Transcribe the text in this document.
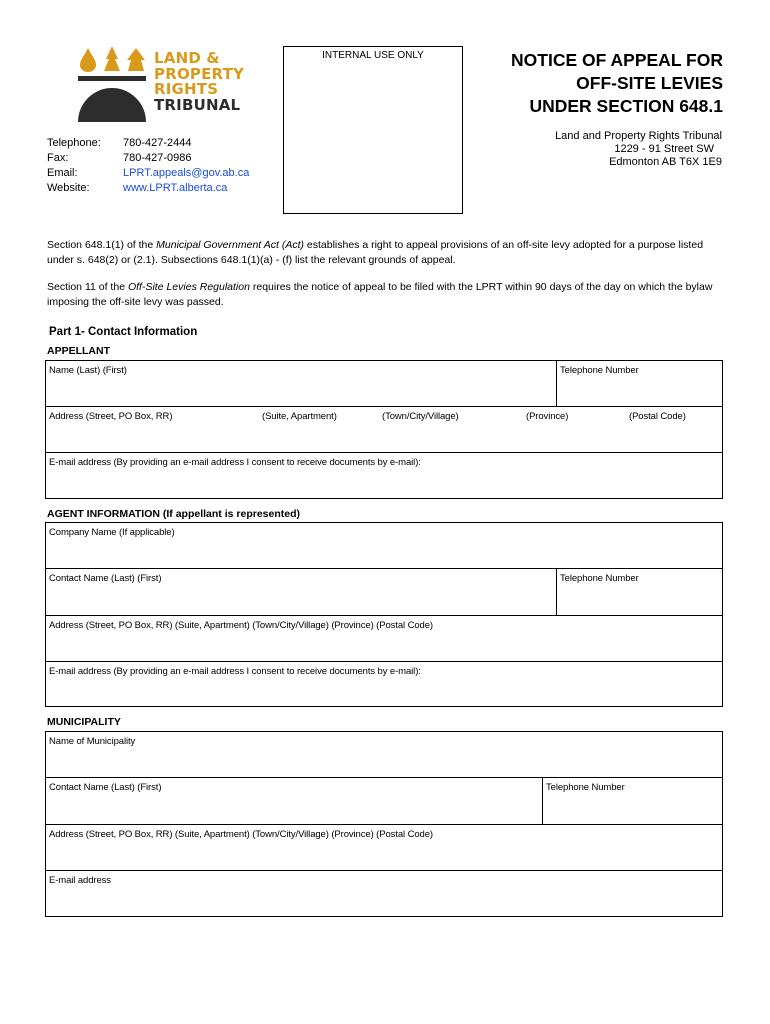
LAND &
PROPERTY
RIGHTS
TRIBUNAL
Telephone: 780-427-2444
Fax:	780-427-0986
Email:	LPRT.appeals@gov.ab.ca
Website:	www.LPRT.alberta.ca
INTERNAL USE ONLY	NOTICE OF APPEAL FOR
OFF-SITE LEVIES
UNDER SECTION 648.1
Land and Property Rights Tribunal
1229 - 91 Street SW
Edmonton AB T6X 1E9
Section 648.1(1) of the Municipal Government Act (Act) establishes a right to appeal provisions of an off-site levy adopted for a purpose listed under s. 648(2) or (2.1). Subsections 648.1(1)(a) - (f) list the relevant grounds of appeal.
Section 11 of the Off-Site Levies Regulation requires the notice of appeal to be filed with the LPRT within 90 days of the day on which the bylaw imposing the off-site levy was passed.
Part 1- Contact Information
APPELLANT
Name (Last) (First)	Telephone Number
Address (Street, PO Box, RR)	(Suite, Apartment)	(Town/City/Village)	(Province)	(Postal Code)
E-mail address (By providing an e-mail address I consent to receive documents by e-mail):
AGENT INFORMATION (If appellant is represented)
Company Name (If applicable)
Contact Name (Last) (First)	Telephone Number
Address (Street, PO Box, RR) (Suite, Apartment) (Town/City/Village) (Province) (Postal Code)
E-mail address (By providing an e-mail address I consent to receive documents by e-mail):
MUNICIPALITY
Name of Municipality
Contact Name (Last) (First)	Telephone Number
Address (Street, PO Box, RR) (Suite, Apartment) (Town/City/Village) (Province) (Postal Code)
E-mail address
